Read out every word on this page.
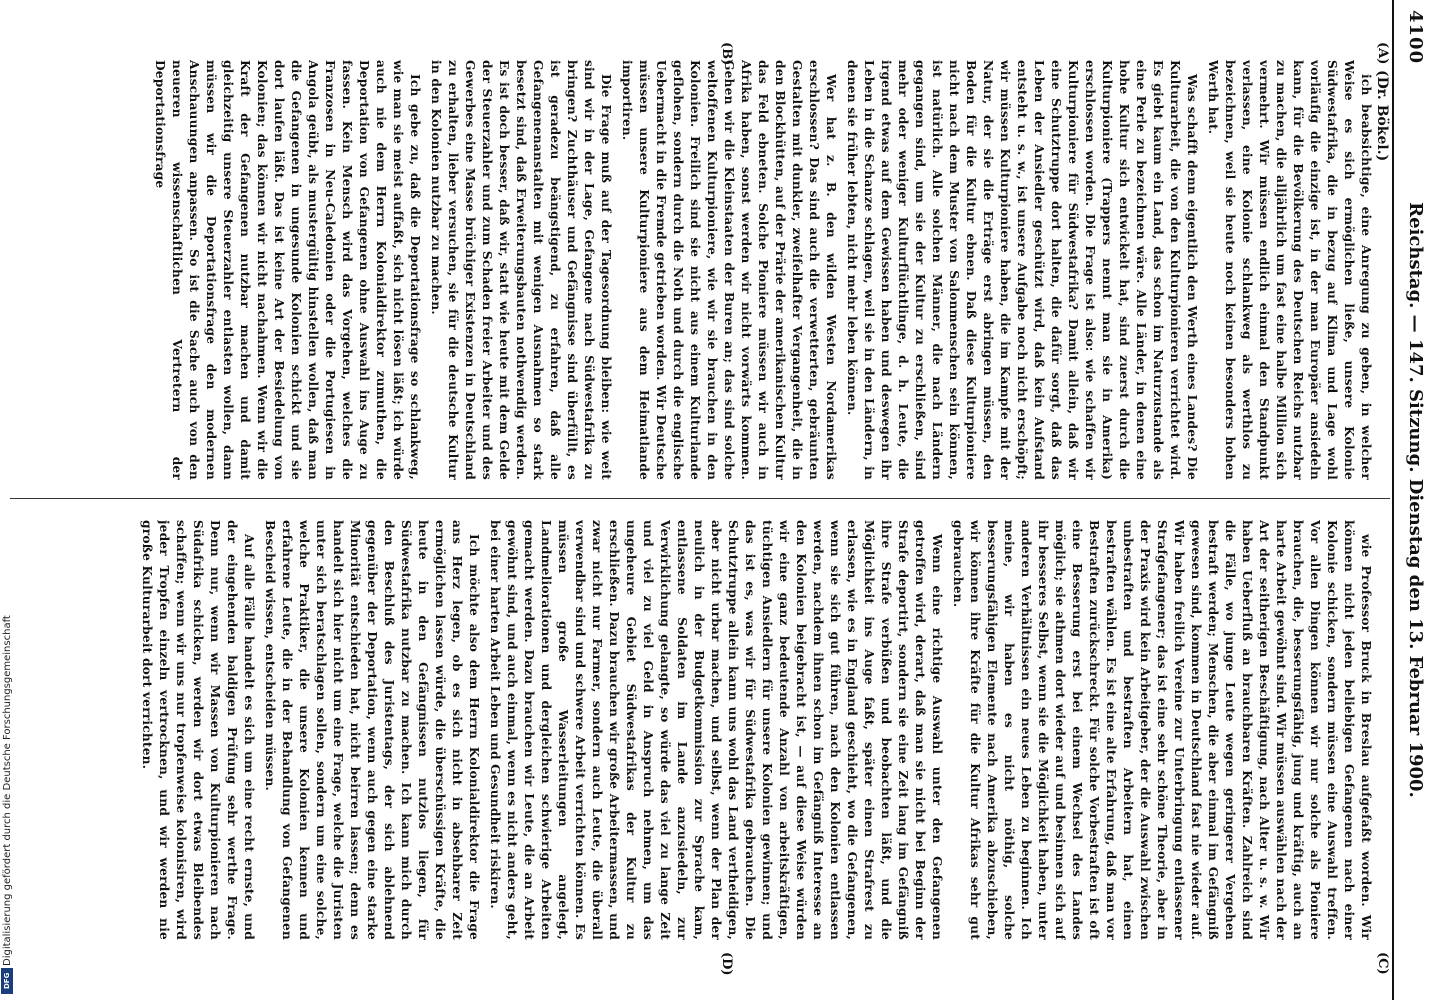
4100
Reichstag. — 147. Sitzung. Dienstag den 13. Februar 1900.
(Dr. Bökel.)
(A)
(B)
(C)
(D)

ich beabsichtige, eine Anregung zu geben, in welcher Weise es sich ermöglichen ließe, unsere Kolonie Südwestafrika, die in bezug auf Klima und Lage wohl vorläufig die einzige ist, in der man Europäer ansiedeln kann, für die Bevölkerung des Deutschen Reichs nutzbar zu machen, die alljährlich um fast eine halbe Million sich vermehrt. Wir müssen endlich einmal den Standpunkt verlassen, eine Kolonie schlankweg als werthlos zu bezeichnen, weil sie heute noch keinen besonders hohen Werth hat.

Was schafft denn eigentlich den Werth eines Landes? Die Kulturarbeit, die von den Kulturpionieren verrichtet wird. Es giebt kaum ein Land, das schon im Naturzustande als eine Perle zu bezeichnen wäre. Alle Länder, in denen eine hohe Kultur sich entwickelt hat, sind zuerst durch die Kulturpioniere (Trappers nennt man sie in Amerika) erschlossen worden. Die Frage ist also: wie schaffen wir Kulturpioniere für Südwestafrika? Damit allein, daß wir eine Schutztruppe dort halten, die dafür sorgt, daß das Leben der Ansiedler geschützt wird, daß kein Aufstand entsteht u. s. w., ist unsere Aufgabe noch nicht erschöpft; wir müssen Kulturpioniere haben, die im Kampfe mit der Natur, der sie die Erträge erst abringen müssen, den Boden für die Kultur ebnen. Daß diese Kulturpioniere nicht nach dem Muster von Salonmenschen sein können, ist natürlich. Alle solchen Männer, die nach Ländern gegangen sind, um sie der Kultur zu erschließen, sind mehr oder weniger Kulturflüchtlinge, d. h. Leute, die irgend etwas auf dem Gewissen haben und deswegen ihr Leben in die Schanze schlagen, weil sie in den Ländern, in denen sie früher lebten, nicht mehr leben können.

Wer hat z. B. den wilden Westen Nordamerikas erschlossen? Das sind auch die verwetterten, gebräunten Gestalten mit dunkler, zweifelhafter Vergangenheit, die in den Blockhütten, auf der Prärie der amerikanischen Kultur das Feld ebneten. Solche Pioniere müssen wir auch in Afrika haben, sonst werden wir nicht vorwärts kommen. Gehen wir die Kleinstaaten der Buren an; das sind solche weltoffenen Kulturpioniere, wie wir sie brauchen in den Kolonien. Freilich sind sie nicht aus einem Kulturlande geflohen, sondern durch die Noth und durch die englische Uebermacht in die Fremde getrieben worden. Wir Deutsche müssen unsere Kulturpioniere aus dem Heimatlande importiren.

Die Frage muß auf der Tagesordnung bleiben: wie weit sind wir in der Lage, Gefangene nach Südwestafrika zu bringen? Zuchthäuser und Gefängnisse sind überfüllt, es ist geradezu beängstigend, zu erfahren, daß alle Gefangenenanstalten mit wenigen Ausnahmen so stark besetzt sind, daß Erweiterungsbauten nothwendig werden. Es ist doch besser, daß wir, statt wie heute mit dem Gelde der Steuerzahler und zum Schaden freier Arbeiter und des Gewerbes eine Masse brüchiger Existenzen in Deutschland zu erhalten, lieber versuchen, sie für die deutsche Kultur in den Kolonien nutzbar zu machen.

Ich gebe zu, daß die Deportationsfrage so schlankweg, wie man sie meist auffaßt, sich nicht lösen läßt; ich würde auch nie dem Herrn Kolonialdirektor zumuthen, die Deportation von Gefangenen ohne Auswahl ins Auge zu fassen. Kein Mensch wird das Vorgehen, welches die Franzosen in Neu-Caledonien oder die Portugiesen in Angola geübt, als mustergültig hinstellen wollen, daß man die Gefangenen in ungesunde Kolonien schickt und sie dort laufen läßt. Das ist keine Art der Besiedelung von Kolonien; das können wir nicht nachahmen. Wenn wir die Kraft der Gefangenen nutzbar machen und damit gleichzeitig unsere Steuerzahler entlasten wollen, dann müssen wir die Deportationsfrage den modernen Anschauungen anpassen. So ist die Sache auch von den neueren wissenschaftlichen Vertretern der Deportationsfrage

wie Professor Bruck in Breslau aufgefaßt worden. Wir können nicht jeden beliebigen Gefangenen nach einer Kolonie schicken, sondern müssen eine Auswahl treffen. Vor allen Dingen können wir nur solche als Pioniere brauchen, die, besserungsfähig, jung und kräftig, auch an harte Arbeit gewöhnt sind. Wir müssen auswählen nach der Art der seitherigen Beschäftigung, nach Alter u. s. w. Wir haben Ueberfluß an brauchbaren Kräften. Zahlreich sind die Fälle, wo junge Leute wegen geringerer Vergehen bestraft werden; Menschen, die aber einmal im Gefängniß gewesen sind, kommen in Deutschland fast nie wieder auf. Wir haben freilich Vereine zur Unterbringung entlassener Strafgefangener; das ist eine sehr schöne Theorie, aber in der Praxis wird kein Arbeitgeber, der die Auswahl zwischen unbestraften und bestraften Arbeitern hat, einen bestraften wählen. Es ist eine alte Erfahrung, daß man vor Bestraften zurückschreckt. Für solche Vorbestraften ist oft eine Besserung erst bei einem Wechsel des Landes möglich; sie athmen dort wieder auf und besinnen sich auf ihr besseres Selbst, wenn sie die Möglichkeit haben, unter anderen Verhältnissen ein neues Leben zu beginnen. Ich meine, wir haben es nicht nöthig, solche besserungsfähigen Elemente nach Amerika abzuschieben, wir können ihre Kräfte für die Kultur Afrikas sehr gut gebrauchen.

Wenn eine richtige Auswahl unter den Gefangenen getroffen wird, derart, daß man sie nicht bei Beginn der Strafe deportirt, sondern sie eine Zeit lang im Gefängniß ihre Strafe verbüßen und beobachten läßt, und die Möglichkeit ins Auge faßt, später einen Strafrest zu erlassen, wie es in England geschieht, wo die Gefangenen, wenn sie sich gut führen, nach den Kolonien entlassen werden, nachdem ihnen schon im Gefängniß Interesse an den Kolonien beigebracht ist, — auf diese Weise würden wir eine ganz bedeutende Anzahl von arbeitskräftigen, tüchtigen Ansiedlern für unsere Kolonien gewinnen; und das ist es, was wir für Südwestafrika gebrauchen. Die Schutztruppe allein kann uns wohl das Land vertheidigen, aber nicht urbar machen, und selbst, wenn der Plan der neulich in der Budgetkommission zur Sprache kam, entlassene Soldaten im Lande anzusiedeln, zur Verwirklichung gelangte, so würde das viel zu lange Zeit und viel zu viel Geld in Anspruch nehmen, um das ungeheure Gebiet Südwestafrikas der Kultur zu erschließen. Dazu brauchen wir große Arbeitermassen, und zwar nicht nur Farmer, sondern auch Leute, die überall verwendbar sind und schwere Arbeit verrichten können. Es müssen große Wasserleitungen angelegt, Landmeliorationen und dergleichen schwierige Arbeiten gemacht werden. Dazu brauchen wir Leute, die an Arbeit gewöhnt sind, und auch einmal, wenn es nicht anders geht, bei einer harten Arbeit Leben und Gesundheit riskiren.

Ich möchte also dem Herrn Kolonialdirektor die Frage ans Herz legen, ob es sich nicht in absehbarer Zeit ermöglichen lassen würde, die überschüssigen Kräfte, die heute in den Gefängnissen nutzlos liegen, für Südwestafrika nutzbar zu machen. Ich kann mich durch den Beschluß des Juristentags, der sich ablehnend gegenüber der Deportation, wenn auch gegen eine starke Minorität entschieden hat, nicht beirren lassen; denn es handelt sich hier nicht um eine Frage, welche die Juristen unter sich beratschlagen sollen, sondern um eine solche, welche Praktiker, die unsere Kolonien kennen und erfahrene Leute, die in der Behandlung von Gefangenen Bescheid wissen, entscheiden müssen.

Auf alle Fälle handelt es sich um eine recht ernste, und der eingehenden baldigen Prüfung sehr werthe Frage. Denn nur, wenn wir Massen von Kulturpionieren nach Südafrika schicken, werden wir dort etwas Bleibendes schaffen; wenn wir uns nur tropfenweise kolonisiren, wird jeder Tropfen einzeln vertrocknen, und wir werden nie große Kulturarbeit dort verrichten.

Digitalisierung gefördert durch die Deutsche Forschungsgemeinschaft
DFG
